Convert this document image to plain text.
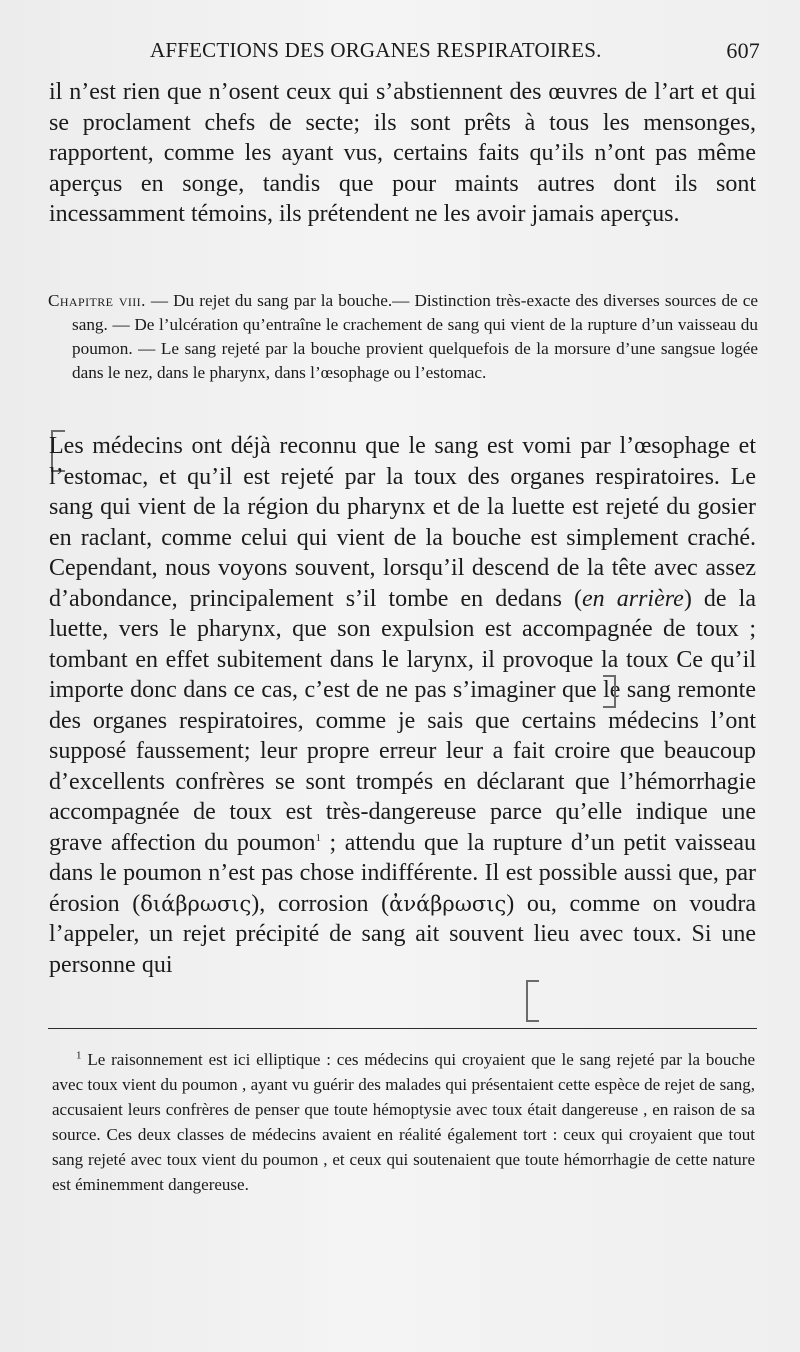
AFFECTIONS DES ORGANES RESPIRATOIRES.	607

il n’est rien que n’osent ceux qui s’abstiennent des œuvres de l’art et qui se proclament chefs de secte; ils sont prêts à tous les mensonges, rapportent, comme les ayant vus, certains faits qu’ils n’ont pas même aperçus en songe, tandis que pour maints autres dont ils sont incessamment témoins, ils prétendent ne les avoir jamais aperçus.

Chapitre viii. — Du rejet du sang par la bouche.— Distinction très-exacte des diverses sources de ce sang. — De l’ulcération qu’entraîne le crachement de sang qui vient de la rupture d’un vaisseau du poumon. — Le sang rejeté par la bouche provient quelquefois de la morsure d’une sangsue logée dans le nez, dans le pharynx, dans l’œsophage ou l’estomac.

Les médecins ont déjà reconnu que le sang est vomi par l’œsophage et l’estomac, et qu’il est rejeté par la toux des organes respiratoires. Le sang qui vient de la région du pharynx et de la luette est rejeté du gosier en raclant, comme celui qui vient de la bouche est simplement craché. Cependant, nous voyons souvent, lorsqu’il descend de la tête avec assez d’abondance, principalement s’il tombe en dedans (en arrière) de la luette, vers le pharynx, que son expulsion est accompagnée de toux ; tombant en effet subitement dans le larynx, il provoque la toux Ce qu’il importe donc dans ce cas, c’est de ne pas s’imaginer que le sang remonte des organes respiratoires, comme je sais que certains médecins l’ont supposé faussement; leur propre erreur leur a fait croire que beaucoup d’excellents confrères se sont trompés en déclarant que l’hémorrhagie accompagnée de toux est très-dangereuse parce qu’elle indique une grave affection du poumon$^1$ ; attendu que la rupture d’un petit vaisseau dans le poumon n’est pas chose indifférente. Il est possible aussi que, par érosion (διάβρωσις), corrosion (ἀνάβρωσις) ou, comme on voudra l’appeler, un rejet précipité de sang ait souvent lieu avec toux. Si une personne qui

$^1$ Le raisonnement est ici elliptique : ces médecins qui croyaient que le sang rejeté par la bouche avec toux vient du poumon , ayant vu guérir des malades qui présentaient cette espèce de rejet de sang, accusaient leurs confrères de penser que toute hémoptysie avec toux était dangereuse , en raison de sa source. Ces deux classes de médecins avaient en réalité également tort : ceux qui croyaient que tout sang rejeté avec toux vient du poumon , et ceux qui soutenaient que toute hémorrhagie de cette nature est éminemment dangereuse.
